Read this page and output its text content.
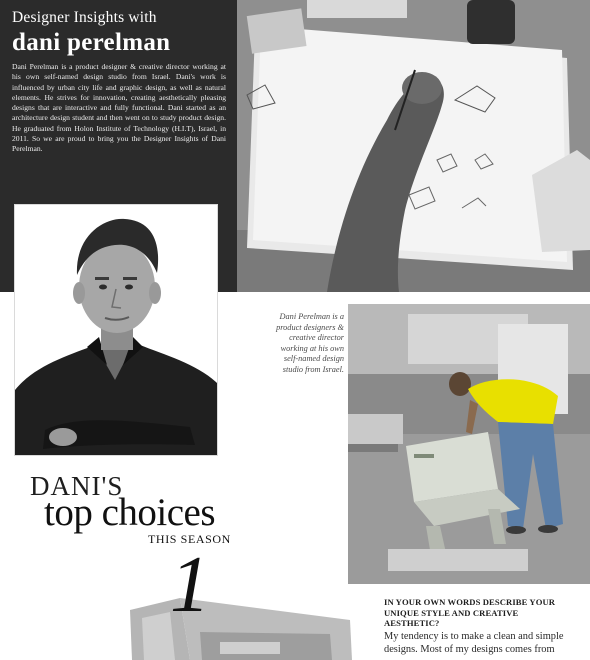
Designer Insights with
dani perelman

Dani Perelman is a product designer & creative director working at his own self-named design studio from Israel. Dani's work is influenced by urban city life and graphic design, as well as natural elements. He strives for innovation, creating aesthetically pleasing designs that are interactive and fully functional. Dani started as an architecture design student and then went on to study product design. He graduated from Holon Institute of Technology (H.I.T), Israel, in 2011. So we are proud to bring you the Designer Insights of Dani Perelman.

Dani Perelman is a product designers & creative director working at his own self-named design studio from Israel.

DANI'S
top choices
THIS SEASON
1	IN YOUR OWN WORDS DESCRIBE YOUR UNIQUE STYLE AND CREATIVE AESTHETIC?

My tendency is to make a clean and simple designs. Most of my designs comes from
